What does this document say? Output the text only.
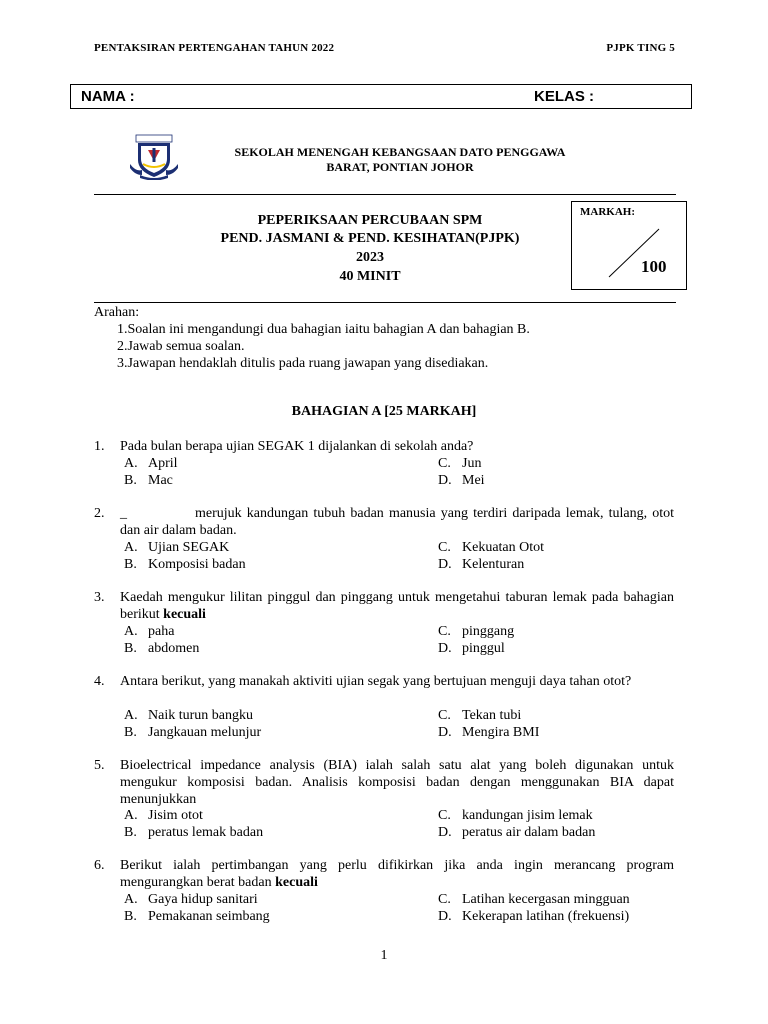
PENTAKSIRAN PERTENGAHAN TAHUN 2022	PJPK TING 5
NAMA :	KELAS :
SEKOLAH MENENGAH KEBANGSAAN DATO PENGGAWA
BARAT, PONTIAN JOHOR
PEPERIKSAAN PERCUBAAN SPM
PEND. JASMANI & PEND. KESIHATAN(PJPK)
2023
40 MINIT
MARKAH:
100
Arahan:
1.Soalan ini mengandungi dua bahagian iaitu bahagian A dan bahagian B.
2.Jawab semua soalan.
3.Jawapan hendaklah ditulis pada ruang jawapan yang disediakan.
BAHAGIAN A [25 MARKAH]
1. Pada bulan berapa ujian SEGAK 1 dijalankan di sekolah anda?
A. April
B. Mac
C. Jun
D. Mei
2. _	merujuk kandungan tubuh badan manusia yang terdiri daripada lemak, tulang, otot dan air dalam badan.
A. Ujian SEGAK
B. Komposisi badan
C. Kekuatan Otot
D. Kelenturan
3. Kaedah mengukur lilitan pinggul dan pinggang untuk mengetahui taburan lemak pada bahagian berikut kecuali
A. paha
B. abdomen
C. pinggang
D. pinggul
4. Antara berikut, yang manakah aktiviti ujian segak yang bertujuan menguji daya tahan otot?
A. Naik turun bangku
B. Jangkauan melunjur
C. Tekan tubi
D. Mengira BMI
5. Bioelectrical impedance analysis (BIA) ialah salah satu alat yang boleh digunakan untuk mengukur komposisi badan. Analisis komposisi badan dengan menggunakan BIA dapat menunjukkan
A. Jisim otot
B. peratus lemak badan
C. kandungan jisim lemak
D. peratus air dalam badan
6. Berikut ialah pertimbangan yang perlu difikirkan jika anda ingin merancang program mengurangkan berat badan kecuali
A. Gaya hidup sanitari
B. Pemakanan seimbang
C. Latihan kecergasan mingguan
D. Kekerapan latihan (frekuensi)
1
